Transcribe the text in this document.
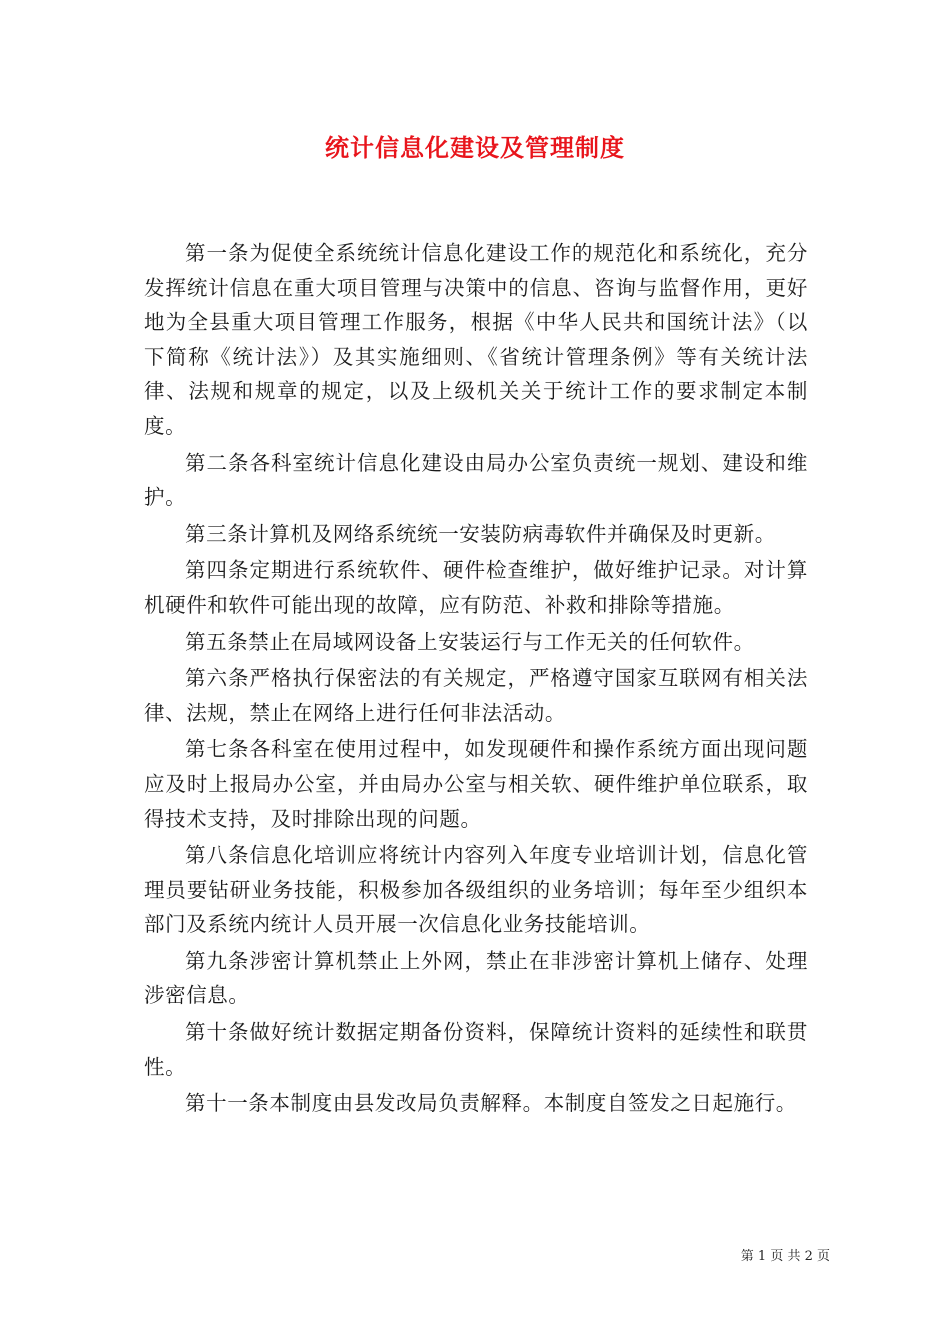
统计信息化建设及管理制度

第一条为促使全系统统计信息化建设工作的规范化和系统化，充分发挥统计信息在重大项目管理与决策中的信息、咨询与监督作用，更好地为全县重大项目管理工作服务，根据《中华人民共和国统计法》（以下简称《统计法》）及其实施细则、《省统计管理条例》等有关统计法律、法规和规章的规定，以及上级机关关于统计工作的要求制定本制度。

第二条各科室统计信息化建设由局办公室负责统一规划、建设和维护。

第三条计算机及网络系统统一安装防病毒软件并确保及时更新。

第四条定期进行系统软件、硬件检查维护，做好维护记录。对计算机硬件和软件可能出现的故障，应有防范、补救和排除等措施。

第五条禁止在局域网设备上安装运行与工作无关的任何软件。

第六条严格执行保密法的有关规定，严格遵守国家互联网有相关法律、法规，禁止在网络上进行任何非法活动。

第七条各科室在使用过程中，如发现硬件和操作系统方面出现问题应及时上报局办公室，并由局办公室与相关软、硬件维护单位联系，取得技术支持，及时排除出现的问题。

第八条信息化培训应将统计内容列入年度专业培训计划，信息化管理员要钻研业务技能，积极参加各级组织的业务培训；每年至少组织本部门及系统内统计人员开展一次信息化业务技能培训。

第九条涉密计算机禁止上外网，禁止在非涉密计算机上储存、处理涉密信息。

第十条做好统计数据定期备份资料，保障统计资料的延续性和联贯性。

第十一条本制度由县发改局负责解释。本制度自签发之日起施行。

第 1 页 共 2 页
